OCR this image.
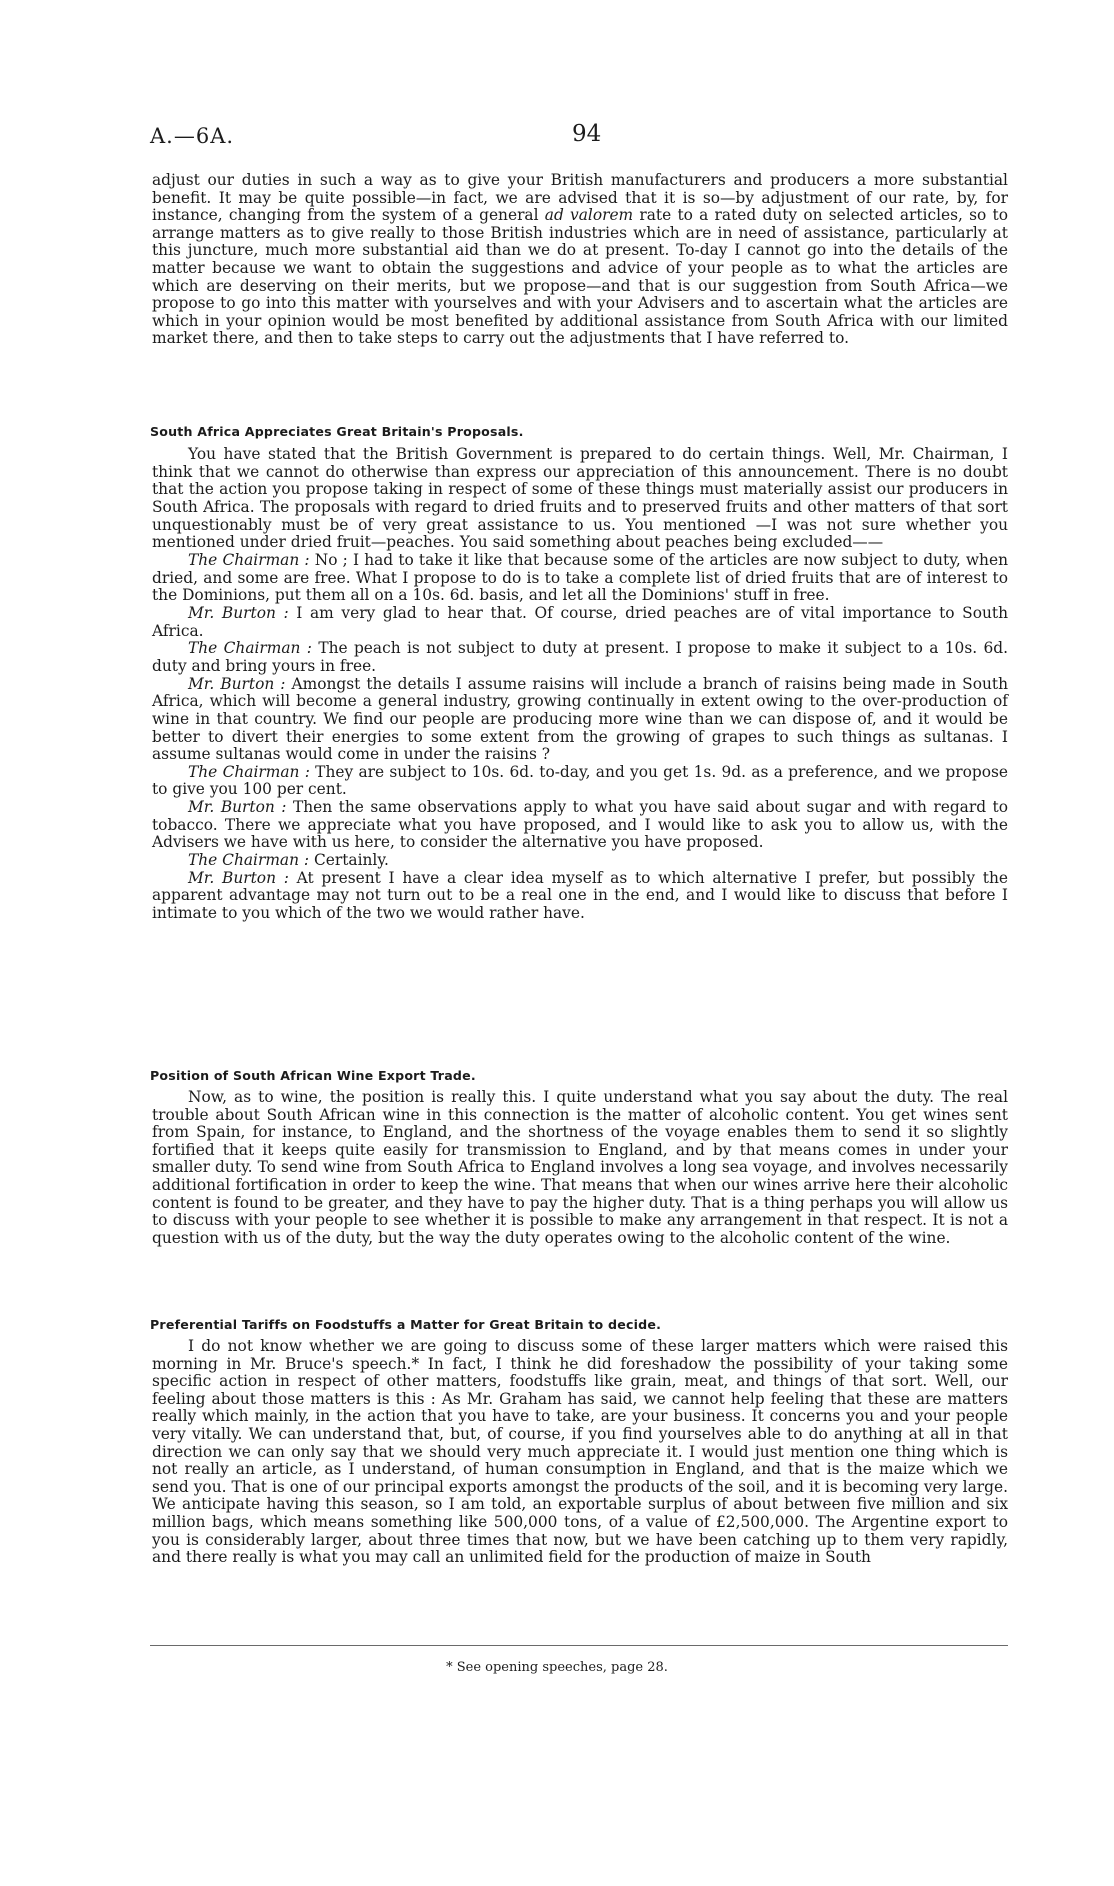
A.—6A.	94

adjust our duties in such a way as to give your British manufacturers and producers a more substantial benefit. It may be quite possible—in fact, we are advised that it is so—by adjustment of our rate, by, for instance, changing from the system of a general ad valorem rate to a rated duty on selected articles, so to arrange matters as to give really to those British industries which are in need of assistance, particularly at this juncture, much more substantial aid than we do at present. To-day I cannot go into the details of the matter because we want to obtain the suggestions and advice of your people as to what the articles are which are deserving on their merits, but we propose—and that is our suggestion from South Africa—we propose to go into this matter with yourselves and with your Advisers and to ascertain what the articles are which in your opinion would be most benefited by additional assistance from South Africa with our limited market there, and then to take steps to carry out the adjustments that I have referred to.

South Africa Appreciates Great Britain's Proposals.

You have stated that the British Government is prepared to do certain things. Well, Mr. Chairman, I think that we cannot do otherwise than express our appreciation of this announcement. There is no doubt that the action you propose taking in respect of some of these things must materially assist our producers in South Africa. The proposals with regard to dried fruits and to preserved fruits and other matters of that sort unquestionably must be of very great assistance to us. You mentioned —I was not sure whether you mentioned under dried fruit—peaches. You said something about peaches being excluded——

The Chairman : No ; I had to take it like that because some of the articles are now subject to duty, when dried, and some are free. What I propose to do is to take a complete list of dried fruits that are of interest to the Dominions, put them all on a 10s. 6d. basis, and let all the Dominions' stuff in free.

Mr. Burton : I am very glad to hear that. Of course, dried peaches are of vital importance to South Africa.

The Chairman : The peach is not subject to duty at present. I propose to make it subject to a 10s. 6d. duty and bring yours in free.

Mr. Burton : Amongst the details I assume raisins will include a branch of raisins being made in South Africa, which will become a general industry, growing continually in extent owing to the over-production of wine in that country. We find our people are producing more wine than we can dispose of, and it would be better to divert their energies to some extent from the growing of grapes to such things as sultanas. I assume sultanas would come in under the raisins ?

The Chairman : They are subject to 10s. 6d. to-day, and you get 1s. 9d. as a preference, and we propose to give you 100 per cent.

Mr. Burton : Then the same observations apply to what you have said about sugar and with regard to tobacco. There we appreciate what you have proposed, and I would like to ask you to allow us, with the Advisers we have with us here, to consider the alternative you have proposed.

The Chairman : Certainly.

Mr. Burton : At present I have a clear idea myself as to which alternative I prefer, but possibly the apparent advantage may not turn out to be a real one in the end, and I would like to discuss that before I intimate to you which of the two we would rather have.

Position of South African Wine Export Trade.

Now, as to wine, the position is really this. I quite understand what you say about the duty. The real trouble about South African wine in this connection is the matter of alcoholic content. You get wines sent from Spain, for instance, to England, and the shortness of the voyage enables them to send it so slightly fortified that it keeps quite easily for transmission to England, and by that means comes in under your smaller duty. To send wine from South Africa to England involves a long sea voyage, and involves necessarily additional fortification in order to keep the wine. That means that when our wines arrive here their alcoholic content is found to be greater, and they have to pay the higher duty. That is a thing perhaps you will allow us to discuss with your people to see whether it is possible to make any arrangement in that respect. It is not a question with us of the duty, but the way the duty operates owing to the alcoholic content of the wine.

Preferential Tariffs on Foodstuffs a Matter for Great Britain to decide.

I do not know whether we are going to discuss some of these larger matters which were raised this morning in Mr. Bruce's speech.* In fact, I think he did foreshadow the possibility of your taking some specific action in respect of other matters, foodstuffs like grain, meat, and things of that sort. Well, our feeling about those matters is this : As Mr. Graham has said, we cannot help feeling that these are matters really which mainly, in the action that you have to take, are your business. It concerns you and your people very vitally. We can understand that, but, of course, if you find yourselves able to do anything at all in that direction we can only say that we should very much appreciate it. I would just mention one thing which is not really an article, as I understand, of human consumption in England, and that is the maize which we send you. That is one of our principal exports amongst the products of the soil, and it is becoming very large. We anticipate having this season, so I am told, an exportable surplus of about between five million and six million bags, which means something like 500,000 tons, of a value of £2,500,000. The Argentine export to you is considerably larger, about three times that now, but we have been catching up to them very rapidly, and there really is what you may call an unlimited field for the production of maize in South

* See opening speeches, page 28.
